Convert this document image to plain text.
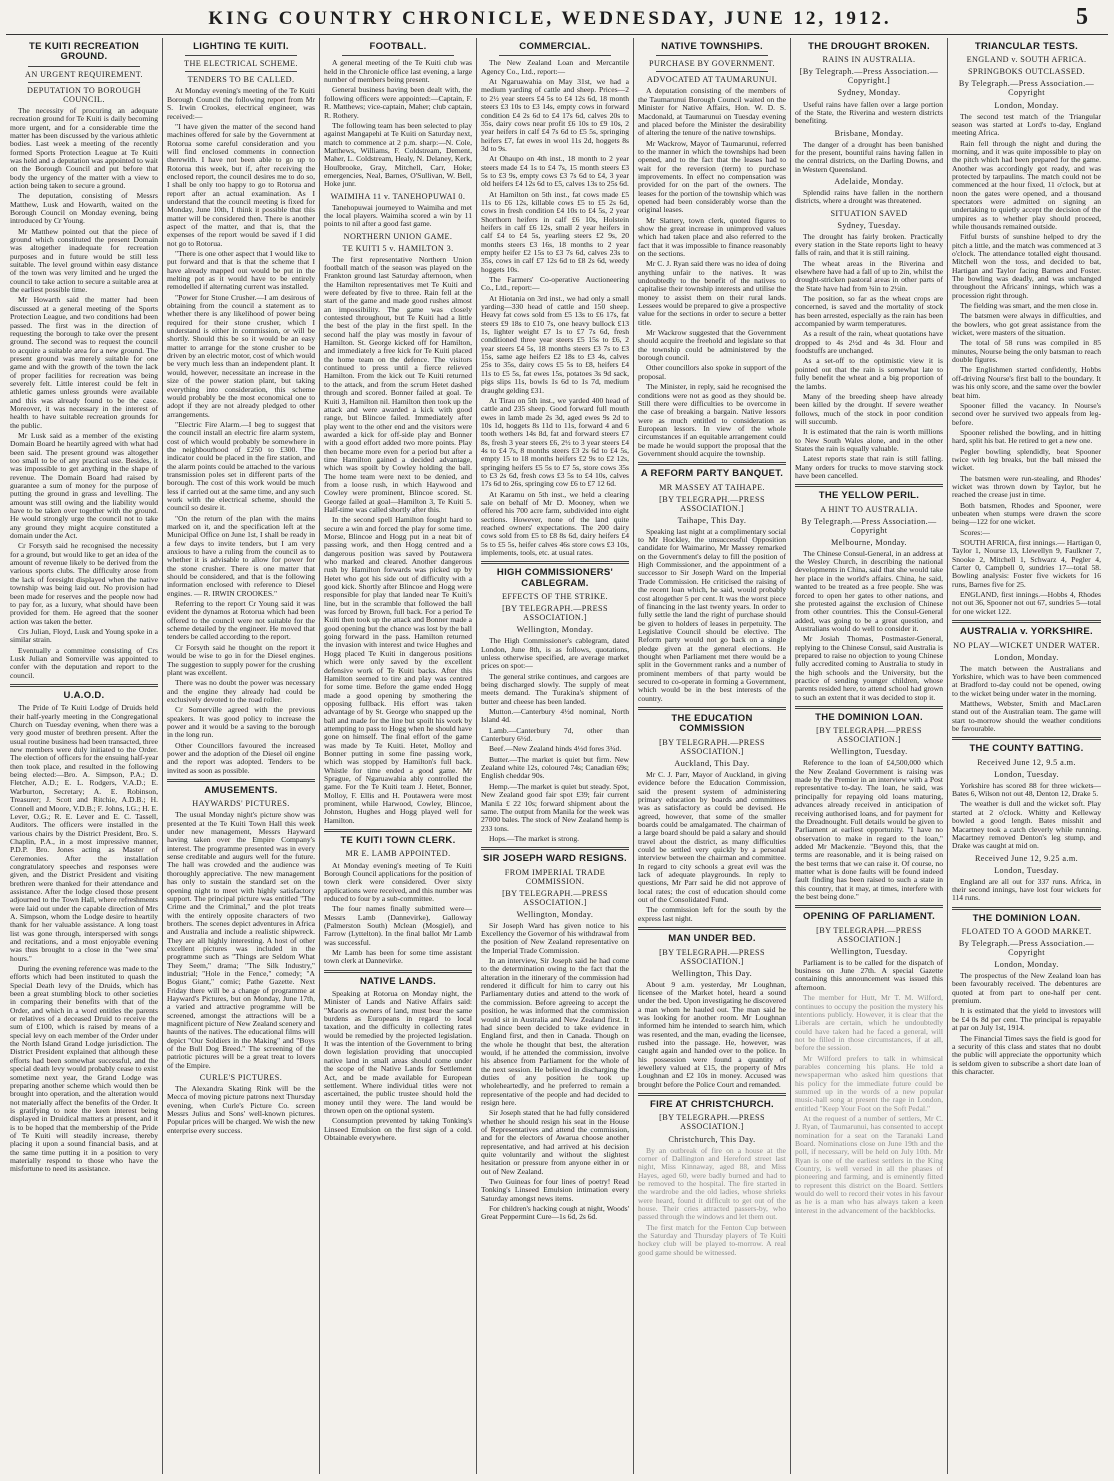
KING COUNTRY CHRONICLE, WEDNESDAY, JUNE 12, 1912.	5
TE KUITI RECREATION GROUND.
AN URGENT REQUIREMENT.
DEPUTATION TO BOROUGH COUNCIL.

The necessity of procuring an adequate recreation ground for Te Kuiti is daily becoming more urgent, and for a considerable time the matter has been discussed by the various athletic bodies. Last week a meeting of the recently formed Sports Protection League at Te Kuiti was held and a deputation was appointed to wait on the Borough Council and put before that body the urgency of the matter with a view to action being taken to secure a ground.

The deputation, consisting of Messrs Matthew, Lusk and Howarth, waited on the Borough Council on Monday evening, being introduced by Cr Young.

Mr Matthew pointed out that the piece of ground which constituted the present Domain was altogether inadequate for recreation purposes and in future would be still less suitable. The level ground within easy distance of the town was very limited and he urged the council to take action to secure a suitable area at the earliest possible time.

Mr Howarth said the matter had been discussed at a general meeting of the Sports Protection League, and two conditions had been passed. The first was in the direction of requesting the borough to take over the present ground. The second was to request the council to acquire a suitable area for a new ground. The present ground was merely suitable for one game and with the growth of the town the lack of proper facilities for recreation was being severely felt. Little interest could be felt in athletic games unless grounds were available and this was already found to be the case. Moreover, it was necessary in the interest of health to have suitable recreation grounds for the public.

Mr Lusk said as a member of the existing Domain Board he heartily agreed with what had been said. The present ground was altogether too small to be of any practical use. Besides, it was impossible to get anything in the shape of revenue. The Domain Board had raised by guarantee a sum of money for the purpose of putting the ground in grass and levelling. The amount was still owing and the liability would have to be taken over together with the ground. He would strongly urge the council not to take any ground they might acquire constituted a domain under the Act.

Cr Forsyth said he recognised the necessity for a ground, but would like to get an idea of the amount of revenue likely to be derived from the various sports clubs. The difficulty arose from the lack of foresight displayed when the native township was being laid out. No provision had been made for reserves and the people now had to pay for, as a luxury, what should have been provided for them. He agreed that the sooner action was taken the better.

Crs Julian, Floyd, Lusk and Young spoke in a similar strain.

Eventually a committee consisting of Crs Lusk Julian and Somerville was appointed to confer with the deputation and report to the council.

U.A.O.D.

The Pride of Te Kuiti Lodge of Druids held their half-yearly meeting in the Congregational Church on Tuesday evening, when there was a very good muster of brethren present. After the usual routine business had been transacted, three new members were duly initiated to the Order. The election of officers for the ensuing half-year then took place, and resulted in the following being elected:—Bro. A. Simpson, P.A.; D. Fletcher, A.D.; E. L. Rodgers, V.A.D.; E. Warburton, Secretary; A. E. Robinson, Treasurer; J. Scott and Ritchie, A.D.B.; H. Connell and Moore, V.D.B.; F. Johns, I.G.; H. E. Lever, O.G.; R. E. Lever and E. C. Tassell, Auditors. The officers were installed in the various chairs by the District President, Bro. S. Chaplin, P.A., in a most impressive manner, P.D.P. Bro. Jones acting as Master of Ceremonies. After the installation congratulatory speeches and responses were given, and the District President and visiting brethren were thanked for their attendance and assistance. After the lodge closed those present adjourned to the Town Hall, where refreshments were laid out under the capable direction of Mrs A. Simpson, whom the Lodge desire to heartily thank for her valuable assistance. A long toast list was gone through, interspersed with songs and recitations, and a most enjoyable evening was thus brought to a close in the "wee sma' hours."

During the evening reference was made to the efforts which had been instituted to quash the Special Death levy of the Druids, which has been a great stumbling block to other societies in comparing their benefits with that of the Order, and which in a word entitles the parents or relatives of a deceased Druid to receive the sum of £100, which is raised by means of a special levy on each member of the Order under the North Island Grand Lodge jurisdiction. The District President explained that although these efforts had been somewhat successful, and the special death levy would probably cease to exist sometime next year, the Grand Lodge was preparing another scheme which would then be brought into operation, and the alteration would not materially affect the benefits of the Order. It is gratifying to note the keen interest being displayed in Druidical matters at present, and it is to be hoped that the membership of the Pride of Te Kuiti will steadily increase, thereby placing it upon a sound financial basis, and at the same time putting it in a position to very materially respond to those who have the misfortune to need its assistance.

LIGHTING TE KUITI.
THE ELECTRICAL SCHEME.
TENDERS TO BE CALLED.

At Monday evening's meeting of the Te Kuiti Borough Council the following report from Mr S. Irwin Crookes, electrical engineer, was received:—

"I have given the matter of the second hand machines offered for sale by the Government at Rotorua some careful consideration and you will find enclosed comments in connection therewith. I have not been able to go up to Rotorua this week, but if, after receiving the enclosed report, the council desires me to do so, I shall be only too happy to go to Rotorua and report after an actual examination. As I understand that the council meeting is fixed for Monday, June 10th, I think it possible that this matter will be considered then. There is another aspect of the matter, and that is, that the expenses of the report would be saved if I did not go to Rotorua.

"There is one other aspect that I would like to put forward and that is that the scheme that I have already mapped out would be put in the melting pot as it would have to be entirely remodelled if alternating current was installed.

"Power for Stone Crusher.—I am desirous of obtaining from the council a statement as to whether there is any likelihood of power being required for their stone crusher, which I understand is either in commission, or will be shortly. Should this be so it would be an easy matter to arrange for the stone crusher to be driven by an electric motor, cost of which would be very much less than an independent plant. It would, however, necessitate an increase in the size of the power station plant, but taking everything into consideration, this scheme would probably be the most economical one to adopt if they are not already pledged to other arrangements.

"Electric Fire Alarm.—I beg to suggest that the council install an electric fire alarm system, cost of which would probably be somewhere in the neighbourhood of £250 to £300. The indicator could be placed in the fire station, and the alarm points could be attached to the various transmission poles set in different parts of the borough. The cost of this work would be much less if carried out at the same time, and any such work with the electrical scheme, should the council so desire it.

"On the return of the plan with the mains marked on it, and the specification left at the Municipal Office on June 1st, I shall be ready in a few days to invite tenders, but I am very anxious to have a ruling from the council as to whether it is advisable to allow for power for the stone crusher. There is one matter that should be considered, and that is the following information enclosed with reference to Diesel engines. — R. IRWIN CROOKES."

Referring to the report Cr Young said it was evident the dynamos at Rotorua which had been offered to the council were not suitable for the scheme detailed by the engineer. He moved that tenders be called according to the report.

Cr Forsyth said he thought on the report it would be wise to go in for the Diesel engines. The suggestion to supply power for the crushing plant was excellent.

There was no doubt the power was necessary and the engine they already had could be exclusively devoted to the road roller.

Cr Somerville agreed with the previous speakers. It was good policy to increase the power and it would be a saving to the borough in the long run.

Other Councillors favoured the increased power and the adoption of the Diesel oil engine and the report was adopted. Tenders to be invited as soon as possible.

AMUSEMENTS.
HAYWARDS' PICTURES.

The usual Monday night's picture show was presented at the Te Kuiti Town Hall this week under new management, Messrs Hayward having taken over the Empire Company's interest. The programme presented was in every sense creditable and augurs well for the future. The hall was crowded and the audience was thoroughly appreciative. The new management has only to sustain the standard set on the opening night to meet with highly satisfactory support. The principal picture was entitled "The Crime and the Criminal," and the plot treats with the entirely opposite characters of two brothers. The scenes depict adventures in Africa and Australia and include a realistic shipwreck. They are all highly interesting. A host of other excellent pictures was included in the programme such as "Things are Seldom What They Seem," drama; "The Silk Industry," industrial; "Hole in the Fence," comedy; "A Bogus Giant," comic; Pathe Gazette. Next Friday there will be a change of programme at Hayward's Pictures, but on Monday, June 17th, a varied and attractive programme will be screened, amongst the attractions will be a magnificent picture of New Zealand scenery and haunts of the natives. The educational films will depict "Our Soldiers in the Making" and "Boys of the Bull Dog Breed." The screening of the patriotic pictures will be a great treat to lovers of the Empire.

CURLE'S PICTURES.

The Alexandra Skating Rink will be the Mecca of moving picture patrons next Thursday evening, when Curle's Picture Co. screen Messrs Julius and Sons' well-known pictures. Popular prices will be charged. We wish the new enterprise every success.

FOOTBALL.

A general meeting of the Te Kuiti club was held in the Chronicle office last evening, a large number of members being present.

General business having been dealt with, the following officers were appointed:—Captain, F. R. Matthews; vice-captain, Maher; club captain, R. Rothery.

The following team has been selected to play against Mangapehi at Te Kuiti on Saturday next, match to commence at 2 p.m. sharp:—N. Cole, Matthews, Williams, F. Coldstream, Dement, Maher, L. Coldstream, Healy, N. Delaney, Kerk, Houlbrooke, Gray, Mitchell, Carr, Hoke; emergencies, Neal, Barnes, O'Sullivan, W. Bell, Hoke junr.

WAIMIHA 11 v. TANEHOPUWAI 0.

Tanehopuwai journeyed to Waimiha and met the local players. Waimiha scored a win by 11 points to nil after a good fast game.

NORTHERN UNION GAME.
TE KUITI 5 v. HAMILTON 3.

The first representative Northern Union football match of the season was played on the Frankton ground last Saturday afternoon, when the Hamilton representatives met Te Kuiti and were defeated by five to three. Rain fell at the start of the game and made good rushes almost an impossibility. The game was closely contested throughout, but Te Kuiti had a little the best of the play in the first spell. In the second half the play was mostly in favour of Hamilton. St. George kicked off for Hamilton, and immediately a free kick for Te Kuiti placed the home team on the defence. The visitors continued to press until a fierce relieved Hamilton. From the kick out Te Kuiti returned to the attack, and from the scrum Hetet dashed through and scored. Bonner failed at goal. Te Kuiti 3, Hamilton nil. Hamilton then took up the attack and were awarded a kick with good range, but Blincoe failed. Immediately after play went to the other end and the visitors were awarded a kick for off-side play and Bonner with a good effort added two more points. Play then became more even for a period but after a time Hamilton gained a decided advantage, which was spoilt by Cowley holding the ball. The home team were next to be denied, and from a loose rush, in which Haywood and Cowley were prominent, Blincoe scored. St. George failed at goal—Hamilton 3, Te Kuiti 5. Half-time was called shortly after this.

In the second spell Hamilton fought hard to secure a win and forced the play for some time. Morse, Blincoe and Hogg put in a neat bit of passing work, and then Hogg centred and a dangerous position was saved by Poutawera who marked and cleared. Another dangerous rush by Hamilton forwards was picked up by Hetet who got his side out of difficulty with a good kick. Shortly after Blincoe and Hogg were responsible for play that landed near Te Kuiti's line, but in the scramble that followed the ball was forced by Brown, full back. For a period Te Kuiti then took up the attack and Bonner made a good opening but the chance was lost by the ball going forward in the pass. Hamilton returned the invasion with interest and twice Hughes and Hogg placed Te Kuiti in dangerous positions which were only saved by the excellent defensive work of Te Kuiti backs. After this Hamilton seemed to tire and play was centred for some time. Before the game ended Hogg made a good opening by smothering the opposing fullback. His effort was taken advantage of by St. George who snapped up the ball and made for the line but spoilt his work by attempting to pass to Hogg when he should have gone on himself. The final effort of the game was made by Te Kuiti. Hetet, Molloy and Bonner putting in some fine passing work, which was stopped by Hamilton's full back. Whistle for time ended a good game. Mr Sprague, of Ngaruawahia ably controlled the game. For the Te Kuiti team J. Hetet, Bonner, Molloy, F. Ellis and H. Poutawera were most prominent, while Harwood, Cowley, Blincoe, Johnston, Hughes and Hogg played well for Hamilton.

TE KUITI TOWN CLERK.
MR E. LAMB APPOINTED.

At Monday evening's meeting of Te Kuiti Borough Council applications for the position of town clerk were considered. Over sixty applications were received, and this number was reduced to four by a sub-committee.

The four names finally submitted were— Messrs Lamb (Dannevirke), Galloway (Palmerston South) Mclean (Mosgiel), and Farrow (Lyttelton). In the final ballot Mr Lamb was successful.

Mr Lamb has been for some time assistant town clerk at Dannevirke.

NATIVE LANDS.

Speaking at Rotorua on Monday night, the Minister of Lands and Native Affairs said: "Maoris as owners of land, must bear the same burdens as Europeans in regard to local taxation, and the difficulty in collecting rates would be remedied by the projected legislation. It was the intention of the Government to bring down legislation providing that unoccupied native land in small areas should come under the scope of the Native Lands for Settlement Act, and be made available for European settlement. Where individual titles were not ascertained, the public trustee should hold the money until they were. The land would be thrown open on the optional system.

Consumption prevented by taking Tonking's Linseed Emulsion on the first sign of a cold. Obtainable everywhere.

COMMERCIAL.

The New Zealand Loan and Mercantile Agency Co., Ltd., report:—

At Ngaruawahia on May 31st, we had a medium yarding of cattle and sheep. Prices—2 to 2½ year steers £4 5s to £4 12s 6d, 18 month steers £3 10s to £3 14s, empty cows in forward condition £4 2s 6d to £4 17s 6d, calves 20s to 35s, dairy cows near profit £6 10s to £9 10s, 2 year heifers in calf £4 7s 6d to £5 5s, springing heifers £7, fat ewes in wool 11s 2d, hoggets 8s 3d to 9s.

At Ohaupo on 4th inst., 18 month to 2 year steers made £4 1s to £4 7s, 15 month steers £3 5s to £3 9s, empty cows £3 7s 6d to £4, 3 year old heifers £4 12s 6d to £5, calves 13s to 25s 6d.

At Hamilton on 5th inst., fat cows made £5 11s to £6 12s, killable cows £5 to £5 2s 6d, cows in fresh condition £4 10s to £4 5s, 2 year Shorthorn heifers in calf £6 10s, Holstein heifers in calf £6 12s, small 2 year heifers in calf £4 to £4 5s, yearling steers £2 9s, 20 months steers £3 16s, 18 months to 2 year empty heifer £2 15s to £3 7s 6d, calves 23s to 35s, cows in calf £7 12s 6d to £8 2s 6d, weedy hoggets 10s.

The Farmers' Co-operative Auctioneering Co., Ltd., report:—

At Hiotania on 3rd inst., we had only a small yarding—330 head of cattle and 150 sheep. Heavy fat cows sold from £5 13s to £6 17s, fat steers £9 18s to £10 7s, one heavy bullock £13 1s, lighter weight £7 1s to £7 7s 6d, fresh conditioned three year steers £5 15s to £6, 2 year steers £4 5s, 18 months steers £3 7s to £3 15s, same age heifers £2 18s to £3 4s, calves 25s to 35s, dairy cows £5 5s to £8, heifers £4 11s to £5 5s, fat ewes 15s, potatoes 3s 9d sack, pigs slips 11s, bowls 1s 6d to 1s 7d, medium draught gelding £31.

At Tirau on 5th inst., we yarded 400 head of cattle and 235 sheep. Good forward full mouth ewes in lamb made 2s 3d, aged ewes 9s 2d to 10s 1d, hoggets 8s 11d to 11s, forward 4 and 6 tooth wethers 14s 8d, fat and forward steers £7 8s, fresh 3 year steers £6, 2½ to 3 year steers £4 4s to £4 7s, 8 months steers £3 2s 6d to £4 5s, empty 15 to 18 months heifers £2 9s to £2 12s, springing heifers £5 5s to £7 5s, store cows 35s to £3 2s 6d, fresh cows £3 5s to £4 10s, calves 17s 6d to 26s, springing cow £6 to £7 12 6d.

At Karamu on 5th inst., we held a clearing sale on behalf of Mr D. Mooney, when we offered his 700 acre farm, subdivided into eight sections. However, none of the land quite reached owners' expectations. The 200 dairy cows sold from £5 to £8 8s 6d, dairy heifers £4 5s to £5 5s, heifer calves 46s store cows £3 10s, implements, tools, etc. at usual rates.

HIGH COMMISSIONERS' CABLEGRAM.
EFFECTS OF THE STRIKE.
[BY TELEGRAPH.—PRESS ASSOCIATION.]
Wellington, Monday.

The High Commissioner's cablegram, dated London, June 8th, is as follows, quotations, unless otherwise specified, are average market prices on spot:—

The general strike continues, and cargoes are being discharged slowly. The supply of meat meets demand. The Turakina's shipment of butter and cheese has been landed.

Mutton.—Canterbury 4½d nominal, North Island 4d.

Lamb.—Canterbury 7d, other than Canterbury 6½d.

Beef.—New Zealand hinds 4½d fores 3¾d.

Butter.—The market is quiet but firm. New Zealand white 12s, coloured 74s; Canadian 69s; English cheddar 90s.

Hemp.—The market is quiet but steady. Spot, New Zealand good fair spot £39; fair current Manila £ 22 10s; forward shipment about the same. The output from Manila for the week was 27000 bales. The stock of New Zealand hemp is 233 tons.

Hops.—The market is strong.

SIR JOSEPH WARD RESIGNS.
FROM IMPERIAL TRADE COMMISSION.
[BY TELEGRAPH.—PRESS ASSOCIATION.]
Wellington, Monday.

Sir Joseph Ward has given notice to his Excellency the Governor of his withdrawal from the position of New Zealand representative on the Imperial Trade Commission.

In an interview, Sir Joseph said he had come to the determination owing to the fact that the alteration in the itinerary of the commission had rendered it difficult for him to carry out his Parliamentary duties and attend to the work of the commission. Before agreeing to accept the position, he was informed that the commission would sit in Australia and New Zealand first. It had since been decided to take evidence in England first, and then in Canada. Though on the whole he thought that best, the alteration would, if he attended the commission, involve his absence from Parliament for the whole of the next session. He believed in discharging the duties of any position he took up wholeheartedly, and he preferred to remain a representative of the people and had decided to resign here.

Sir Joseph stated that he had fully considered whether he should resign his seat in the House of Representatives and attend the commission, and for the electors of Awarua choose another representative, and had arrived at his decision quite voluntarily and without the slightest hesitation or pressure from anyone either in or out of New Zealand.

Two Guineas for four lines of poetry! Read Tonking's Linseed Emulsion intimation every Saturday amongst news items.

For children's hacking cough at night, Woods' Great Peppermint Cure—1s 6d, 2s 6d.

NATIVE TOWNSHIPS.
PURCHASE BY GOVERNMENT.
ADVOCATED AT TAUMARUNUI.

A deputation consisting of the members of the Taumarunui Borough Council waited on the Minister for Native Affairs, Hon. W. D. S. Macdonald, at Taumarunui on Tuesday evening and placed before the Minister the desirability of altering the tenure of the native townships.

Mr Wackrow, Mayor of Taumarunui, referred to the manner in which the townships had been opened, and to the fact that the leases had to wait for the reversion (term) to purchase improvements. In effect no compensation was provided for on the part of the owners. The leases for the portion of the township which was opened had been considerably worse than the original leases.

Mr Slattery, town clerk, quoted figures to show the great increase in unimproved values which had taken place and also referred to the fact that it was impossible to finance reasonably on the sections.

Mr C. J. Ryan said there was no idea of doing anything unfair to the natives. It was undoubtedly to the benefit of the natives to capitalise their township interests and utilise the money to assist them on their rural lands. Lessees would be prepared to give a prospective value for the sections in order to secure a better title.

Mr Wackrow suggested that the Government should acquire the freehold and legislate so that the township could be administered by the borough council.

Other councillors also spoke in support of the proposal.

The Minister, in reply, said he recognised the conditions were not as good as they should be. Still there were difficulties to be overcome in the case of breaking a bargain. Native lessors were as much entitled to consideration as European lessors. In view of the whole circumstances if an equitable arrangement could be made he would support the proposal that the Government should acquire the township.

A REFORM PARTY BANQUET.
MR MASSEY AT TAIHAPE.
[BY TELEGRAPH.—PRESS ASSOCIATION.]
Taihape, This Day.

Speaking last night at a complimentary social to Mr Hockley, the unsuccessful Opposition candidate for Waimarino, Mr Massey remarked on the Government's delay to fill the position of High Commissioner, and the appointment of a successor to Sir Joseph Ward on the Imperial Trade Commission. He criticised the raising of the recent loan which, he said, would probably cost altogether 5 per cent. It was the worst piece of financing in the last twenty years. In order to fully settle the land the right of purchase should be given to holders of leases in perpetuity. The Legislative Council should be elective. The Reform party would not go back on a single pledge given at the general elections. He thought when Parliament met there would be a split in the Government ranks and a number of prominent members of that party would be secured to co-operate in forming a Government, which would be in the best interests of the country.

THE EDUCATION COMMISSION
[BY TELEGRAPH.—PRESS ASSOCIATION.]
Auckland, This Day.

Mr C. J. Parr, Mayor of Auckland, in giving evidence before the Education Commission, said the present system of administering primary education by boards and committees was as satisfactory as could be devised. He agreed, however, that some of the smaller boards could be amalgamated. The chairman of a large board should be paid a salary and should travel about the district, as many difficulties could be settled very quickly by a personal interview between the chairman and committee. In regard to city schools a great evil was the lack of adequate playgrounds. In reply to questions, Mr Parr said he did not approve of local rates; the cost of education should come out of the Consolidated Fund.

The commission left for the south by the express last night.

MAN UNDER BED.
[BY TELEGRAPH.—PRESS ASSOCIATION.]
Wellington, This Day.

About 9 a.m. yesterday, Mr Loughnan, licensee of the Market hotel, heard a sound under the bed. Upon investigating he discovered a man whom he hauled out. The man said he was looking for another room. Mr Loughnan informed him he intended to search him, which was resented, and the man, evading the licensee, rushed into the passage. He, however, was caught again and handed over to the police. In his possession were found a quantity of jewellery valued at £15, the property of Mrs Loughnan and £2 10s in money. Accused was brought before the Police Court and remanded.

FIRE AT CHRISTCHURCH.
[BY TELEGRAPH.—PRESS ASSOCIATION.]
Christchurch, This Day.

By an outbreak of fire on a house at the corner of Dallington and Hereford street last night, Miss Kinnaway, aged 88, and Miss Hayes, aged 60, were badly burned and had to be removed to the hospital. The fire started in the wardrobe and the old ladies, whose shrieks were heard, found it difficult to get out of the house. Their cries attracted passers-by, who passed through the windows and let them out.

The first match for the Fenton Cup between the Saturday and Thursday players of Te Kuiti hockey club will be played to-morrow. A real good game should be witnessed.

THE DROUGHT BROKEN.
RAINS IN AUSTRALIA.
[By Telegraph.—Press Association.—Copyright.]
Sydney, Monday.

Useful rains have fallen over a large portion of the State, the Riverina and western districts benefiting.

Brisbane, Monday.

The danger of a drought has been banished for the present, bountiful rains having fallen in the central districts, on the Darling Downs, and in Western Queensland.

Adelaide, Monday.

Splendid rains have fallen in the northern districts, where a drought was threatened.

SITUATION SAVED
Sydney, Tuesday.

The drought has fairly broken. Practically every station in the State reports light to heavy falls of rain, and that it is still raining.

The wheat areas in the Riverina and elsewhere have had a fall of up to 2in, whilst the drought-stricken pastoral areas in other parts of the State have had from ¾in to 2½in.

The position, so far as the wheat crops are concerned, is saved and the mortality of stock has been arrested, especially as the rain has been accompanied by warm temperatures.

As a result of the rain, wheat quotations have dropped to 4s 2½d and 4s 3d. Flour and foodstuffs are unchanged.

As a set-off to the optimistic view it is pointed out that the rain is somewhat late to fully benefit the wheat and a big proportion of the lambs.

Many of the breeding sheep have already been killed by the drought. If severe weather follows, much of the stock in poor condition will succumb.

It is estimated that the rain is worth millions to New South Wales alone, and in the other States the rain is equally valuable.

Latest reports state that rain is still falling. Many orders for trucks to move starving stock have been cancelled.

THE YELLOW PERIL.
A HINT TO AUSTRALIA.
By Telegraph.—Press Association.—Copyright
Melbourne, Monday.

The Chinese Consul-General, in an address at the Wesley Church, in describing the national developments in China, said that she would take her place in the world's affairs. China, he said, wanted to be treated as a free people. She was forced to open her gates to other nations, and she protested against the exclusion of Chinese from other countries. This the Consul-General added, was going to be a great question, and Australians would do well to consider it.

Mr Josiah Thomas, Postmaster-General, replying to the Chinese Consul, said Australia is prepared to raise no objection to young Chinese fully accredited coming to Australia to study in the high schools and the University, but the practice of sending younger children, whose parents resided here, to attend school had grown to such an extent that it was decided to stop it.

THE DOMINION LOAN.
[BY TELEGRAPH.—PRESS ASSOCIATION.]
Wellington, Tuesday.

Reference to the loan of £4,500,000 which the New Zealand Government is raising was made by the Premier in an interview with a Post representative to-day. The loan, he said, was principally for repaying old loans maturing, advances already received in anticipation of receiving authorised loans, and for payment for the Dreadnought. Full details would be given to Parliament at earliest opportunity. "I have no observation to make in regard to the loan," added Mr Mackenzie. "Beyond this, that the terms are reasonable, and it is being raised on the best terms that we can raise it. Of course, no matter what is done faults will be found indeed fault finding has been raised to such a state in this country, that it may, at times, interfere with the best being done."

OPENING OF PARLIAMENT.
[BY TELEGRAPH.—PRESS ASSOCIATION.]
Wellington, Tuesday.

Parliament is to be called for the dispatch of business on June 27th. A special Gazette containing this announcement was issued this afternoon.

The member for Hutt, Mr T. M. Wilford, continues to occupy the position the mystery his intentions publicly. However, it is clear that the Liberals are certain, which he undoubtedly could have taken had he faced a general, will not be filled in those circumstances, if at all, before the session.

Mr Wilford prefers to talk in whimsical parables concerning his plans. He told a newspaperman who asked him questions that his policy for the immediate future could be summed up in the words of a new popular music-hall song at present the rage in London, entitled "Keep Your Foot on the Soft Pedal."

At the request of a number of settlers, Mr C. J. Ryan, of Taumarunui, has consented to accept nomination for a seat on the Taranaki Land Board. Nominations close on June 19th and the poll, if necessary, will be held on July 10th. Mr Ryan is one of the earliest settlers in the King Country, is well versed in all the phases of pioneering and farming, and is eminently fitted to represent this district on the Board. Settlers would do well to record their votes in his favour as he is a man who has always taken a keen interest in the advancement of the backblocks.

TRIANCULAR TESTS.
ENGLAND v. SOUTH AFRICA.
SPRINGBOKS OUTCLASSED.
By Telegraph.—Press Association.—Copyright
London, Monday.

The second test match of the Triangular season was started at Lord's to-day, England meeting Africa.

Rain fell through the night and during the morning, and it was quite impossible to play on the pitch which had been prepared for the game. Another was accordingly got ready, and was protected by tarpaulins. The match could not be commenced at the hour fixed, 11 o'clock, but at noon the gates were opened, and a thousand spectators were admitted on signing an undertaking to quietly accept the decision of the umpires as to whether play should proceed, while thousands remained outside.

Fitful bursts of sunshine helped to dry the pitch a little, and the match was commenced at 3 o'clock. The attendance totalled eight thousand. Mitchell won the toss, and decided to bat, Hartigan and Taylor facing Barnes and Foster. The bowling was deadly, and was unchanged throughout the Africans' innings, which was a procession right through.

The fielding was smart, and the men close in.

The batsmen were always in difficulties, and the bowlers, who got great assistance from the wicket, were masters of the situation.

The total of 58 runs was compiled in 85 minutes, Nourse being the only batsman to reach double figures.

The Englishmen started confidently, Hobbs off-driving Nourse's first ball to the boundary. It was his only score, and the same over the bowler beat him.

Spooner filled the vacancy. In Nourse's second over he survived two appeals from leg-before.

Spooner relished the bowling, and in hitting hard, split his bat. He retired to get a new one.

Pegler bowling splendidly, beat Spooner twice with leg breaks, but the ball missed the wicket.

The batsmen were run-stealing, and Rhodes' wicket was thrown down by Taylor, but he reached the crease just in time.

Both batsmen, Rhodes and Spooner, were unbeaten when stumps were drawn the score being—122 for one wicket.

Scores:—

SOUTH AFRICA, first innings.— Hartigan 0, Taylor 1, Nourse 13, Llewellyn 9, Faulkner 7, Snooke 2, Mitchell 1, Schwarz 4, Pegler 4, Carter 0, Campbell 0, sundries 17—total 58. Bowling analysis: Foster five wickets for 16 runs, Barnes five for 25.

ENGLAND, first innings.—Hobbs 4, Rhodes not out 36, Spooner not out 67, sundries 5—total for one wicket 122.

AUSTRALIA v. YORKSHIRE.
NO PLAY—WICKET UNDER WATER.
London, Monday.

The match between the Australians and Yorkshire, which was to have been commenced at Bradford to-day could not be opened, owing to the wicket being under water in the morning.

Matthews, Webster, Smith and MacLaren stand out of the Australian team. The game will start to-morrow should the weather conditions be favourable.

THE COUNTY BATTING.
Received June 12, 9.5 a.m.
London, Tuesday.

Yorkshire has scored 88 for three wickets—Bates 6, Wilson not out 48, Denton 12, Drake 5.

The weather is dull and the wicket soft. Play started at 2 o'clock. Whitty and Kelleway bowled a good length. Bates misshit and Macartney took a catch cleverly while running. Macartney removed Denton's leg stump, and Drake was caught at mid on.

Received June 12, 9.25 a.m.
London, Tuesday.

England are all out for 337 runs. Africa, in their second innings, have lost four wickets for 114 runs.

THE DOMINION LOAN.
FLOATED TO A GOOD MARKET.
By Telegraph.—Press Association.—Copyright
London, Monday.

The prospectus of the New Zealand loan has been favourably received. The debentures are quoted at from part to one-half per cent. premium.

It is estimated that the yield to investors will be £4 0s 8d per cent. The principal is repayable at par on July 1st, 1914.

The Financial Times says the field is good for a security of this class and states that no doubt the public will appreciate the opportunity which is seldom given to subscribe a short date loan of this character.
